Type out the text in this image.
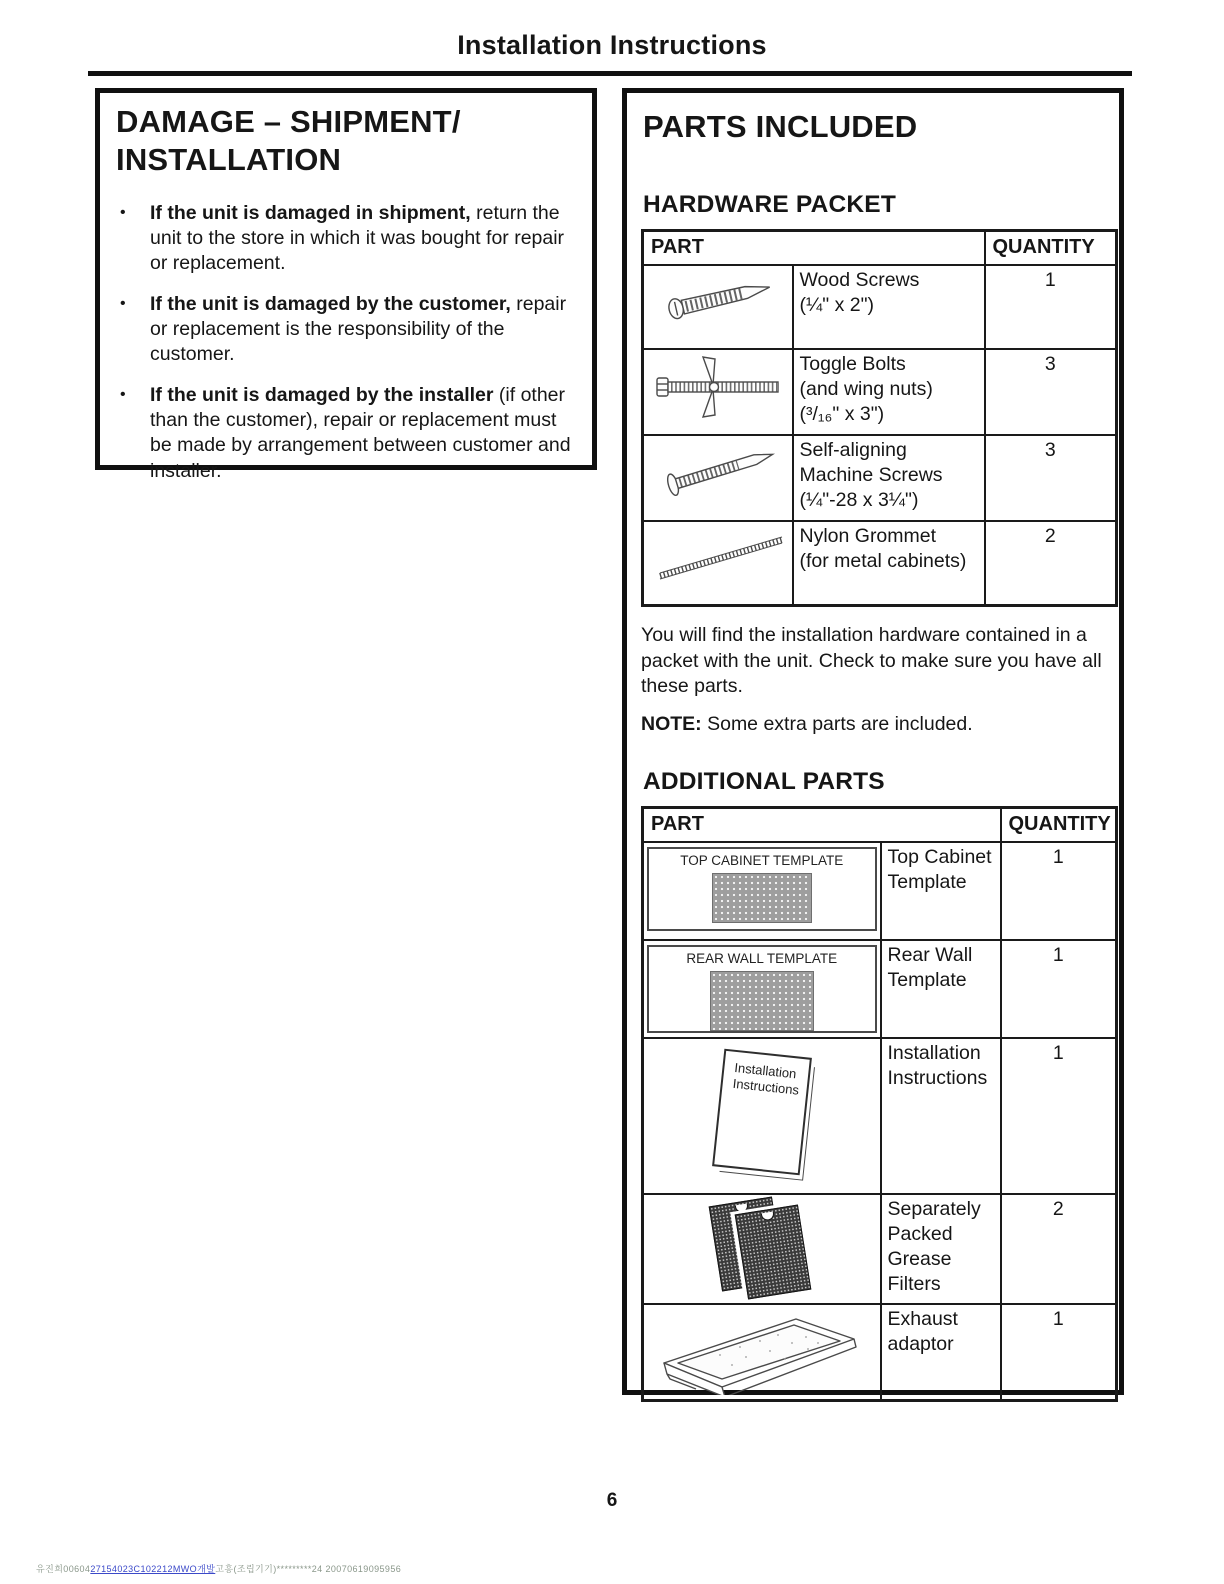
Installation Instructions
DAMAGE – SHIPMENT/
INSTALLATION
•	If the unit is damaged in shipment, return the unit to the store in which it was bought for repair or replacement.
•	If the unit is damaged by the customer, repair or replacement is the responsibility of the customer.
•	If the unit is damaged by the installer (if other than the customer), repair or replacement must be made by arrangement between customer and installer.
PARTS INCLUDED
HARDWARE PACKET
PART		QUANTITY

Wood Screws
(¼" x 2")	1

Toggle Bolts
(and wing nuts)
(³/₁₆" x 3")	3

Self-aligning
Machine Screws
(¼"-28 x 3¼")	3

Nylon Grommet
(for metal cabinets)	2
You will find the installation hardware contained in a packet with the unit. Check to make sure you have all these parts.
NOTE: Some extra parts are included.
ADDITIONAL PARTS
PART		QUANTITY

TOP CABINET TEMPLATE	Top Cabinet
Template	1

REAR WALL TEMPLATE	Rear Wall
Template	1

Installation
Instructions	Installation
Instructions	1

	Separately
Packed
Grease
Filters	2

Exhaust
adaptor	1
6
유진희0060427154023C102212MWO개발고흥(조립기기)*********24 20070619095956
